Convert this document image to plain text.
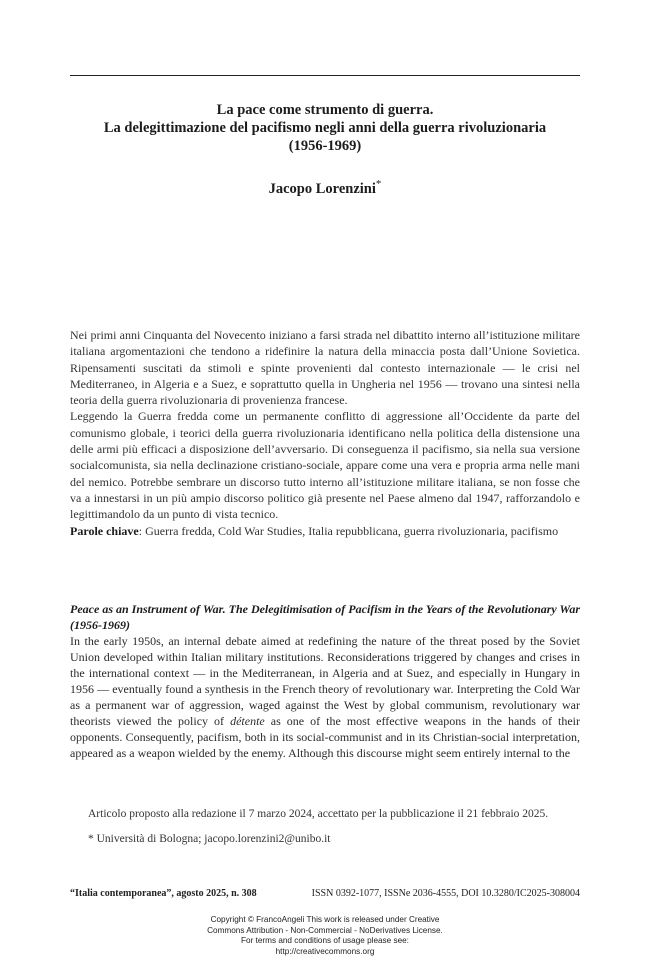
La pace come strumento di guerra.
La delegittimazione del pacifismo negli anni della guerra rivoluzionaria
(1956-1969)
Jacopo Lorenzini*

Nei primi anni Cinquanta del Novecento iniziano a farsi strada nel dibattito interno all’istituzione militare italiana argomentazioni che tendono a ridefinire la natura della minaccia posta dall’Unione Sovietica. Ripensamenti suscitati da stimoli e spinte provenienti dal contesto internazionale — le crisi nel Mediterraneo, in Algeria e a Suez, e soprattutto quella in Ungheria nel 1956 — trovano una sintesi nella teoria della guerra rivoluzionaria di provenienza francese.

Leggendo la Guerra fredda come un permanente conflitto di aggressione all’Occidente da parte del comunismo globale, i teorici della guerra rivoluzionaria identificano nella politica della distensione una delle armi più efficaci a disposizione dell’avversario. Di conseguenza il pacifismo, sia nella sua versione socialcomunista, sia nella declinazione cristiano-sociale, appare come una vera e propria arma nelle mani del nemico. Potrebbe sembrare un discorso tutto interno all’istituzione militare italiana, se non fosse che va a innestarsi in un più ampio discorso politico già presente nel Paese almeno dal 1947, rafforzandolo e legittimandolo da un punto di vista tecnico.

Parole chiave: Guerra fredda, Cold War Studies, Italia repubblicana, guerra rivoluzionaria, pacifismo

Peace as an Instrument of War. The Delegitimisation of Pacifism in the Years of the Revolutionary War (1956-1969)

In the early 1950s, an internal debate aimed at redefining the nature of the threat posed by the Soviet Union developed within Italian military institutions. Reconsiderations triggered by changes and crises in the international context — in the Mediterranean, in Algeria and at Suez, and especially in Hungary in 1956 — eventually found a synthesis in the French theory of revolutionary war. Interpreting the Cold War as a permanent war of aggression, waged against the West by global communism, revolutionary war theorists viewed the policy of détente as one of the most effective weapons in the hands of their opponents. Consequently, pacifism, both in its social-communist and in its Christian-social interpretation, appeared as a weapon wielded by the enemy. Although this discourse might seem entirely internal to the

Articolo proposto alla redazione il 7 marzo 2024, accettato per la pubblicazione il 21 febbraio 2025.

* Università di Bologna; jacopo.lorenzini2@unibo.it

“Italia contemporanea”, agosto 2025, n. 308	ISSN 0392-1077, ISSNe 2036-4555, DOI 10.3280/IC2025-308004

Copyright © FrancoAngeli This work is released under Creative

Commons Attribution - Non-Commercial - NoDerivatives License.

For terms and conditions of usage please see:

http://creativecommons.org
